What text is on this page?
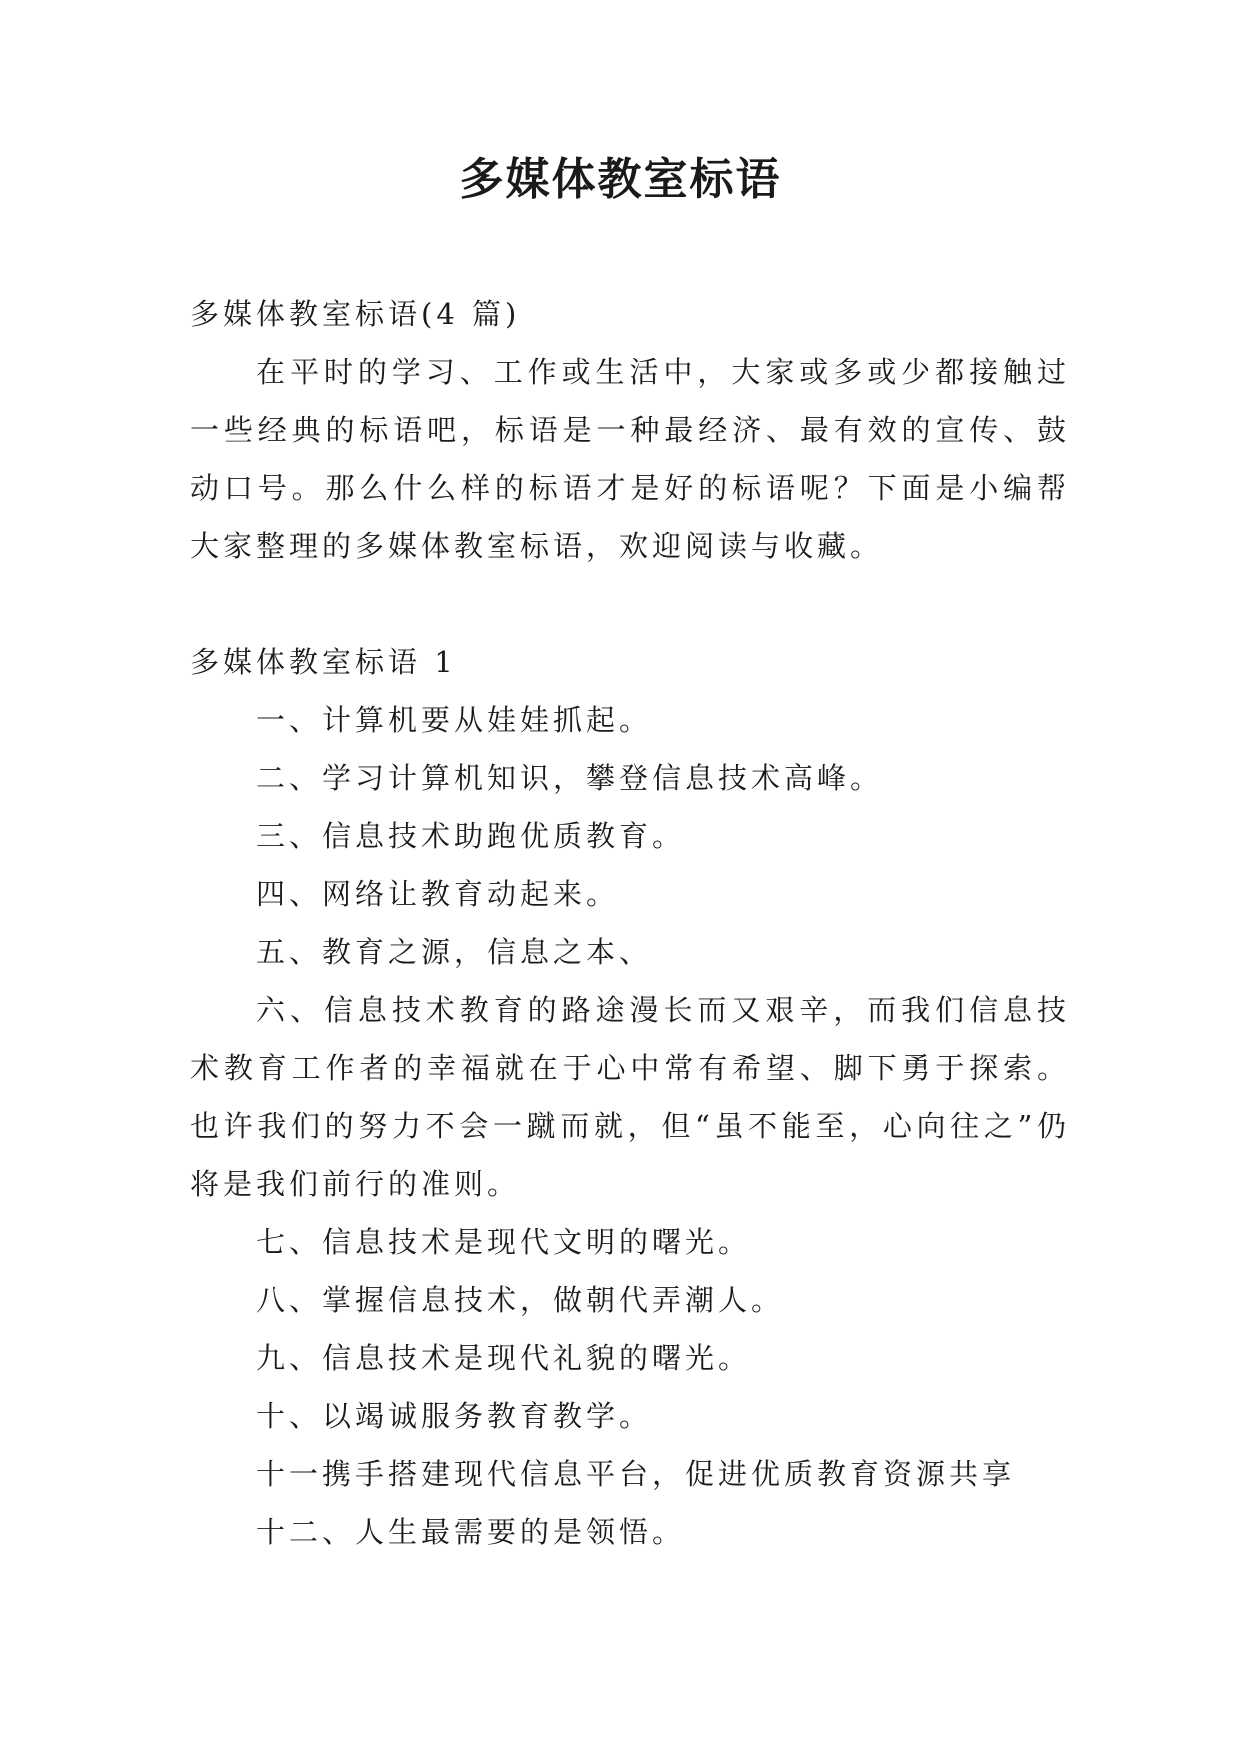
多媒体教室标语

多媒体教室标语(4 篇)

在平时的学习、工作或生活中，大家或多或少都接触过一些经典的标语吧，标语是一种最经济、最有效的宣传、鼓动口号。那么什么样的标语才是好的标语呢？下面是小编帮大家整理的多媒体教室标语，欢迎阅读与收藏。

多媒体教室标语 1

一、计算机要从娃娃抓起。

二、学习计算机知识，攀登信息技术高峰。

三、信息技术助跑优质教育。

四、网络让教育动起来。

五、教育之源，信息之本、

六、信息技术教育的路途漫长而又艰辛，而我们信息技术教育工作者的幸福就在于心中常有希望、脚下勇于探索。也许我们的努力不会一蹴而就，但“虽不能至，心向往之”仍将是我们前行的准则。

七、信息技术是现代文明的曙光。

八、掌握信息技术，做朝代弄潮人。

九、信息技术是现代礼貌的曙光。

十、以竭诚服务教育教学。

十一携手搭建现代信息平台，促进优质教育资源共享

十二、人生最需要的是领悟。
